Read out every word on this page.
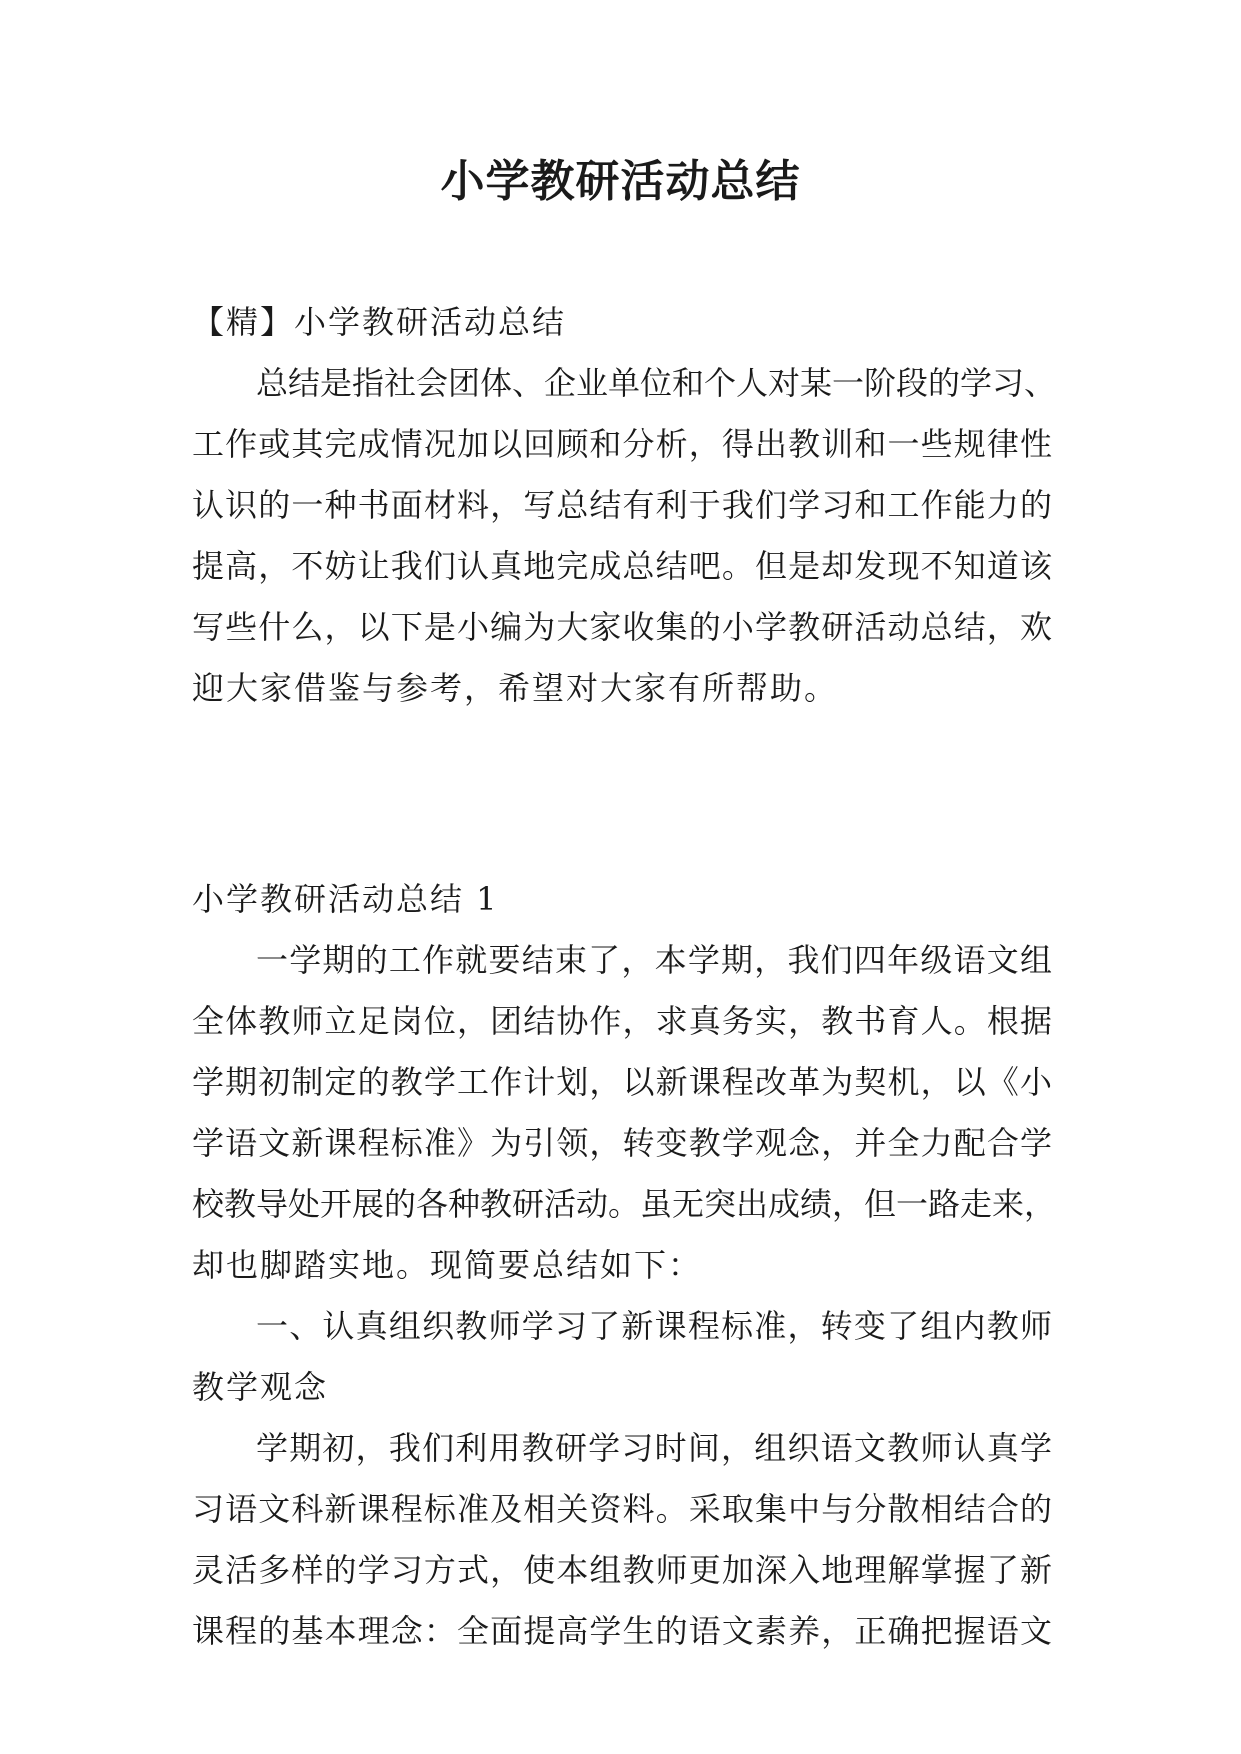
小学教研活动总结
【精】小学教研活动总结
总结是指社会团体、企业单位和个人对某一阶段的学习、
工作或其完成情况加以回顾和分析，得出教训和一些规律性
认识的一种书面材料，写总结有利于我们学习和工作能力的
提高，不妨让我们认真地完成总结吧。但是却发现不知道该
写些什么，以下是小编为大家收集的小学教研活动总结，欢
迎大家借鉴与参考，希望对大家有所帮助。
小学教研活动总结 1
一学期的工作就要结束了，本学期，我们四年级语文组
全体教师立足岗位，团结协作，求真务实，教书育人。根据
学期初制定的教学工作计划，以新课程改革为契机，以《小
学语文新课程标准》为引领，转变教学观念，并全力配合学
校教导处开展的各种教研活动。虽无突出成绩，但一路走来，
却也脚踏实地。现简要总结如下：
一、认真组织教师学习了新课程标准，转变了组内教师
教学观念
学期初，我们利用教研学习时间，组织语文教师认真学
习语文科新课程标准及相关资料。采取集中与分散相结合的
灵活多样的学习方式，使本组教师更加深入地理解掌握了新
课程的基本理念：全面提高学生的语文素养，正确把握语文
